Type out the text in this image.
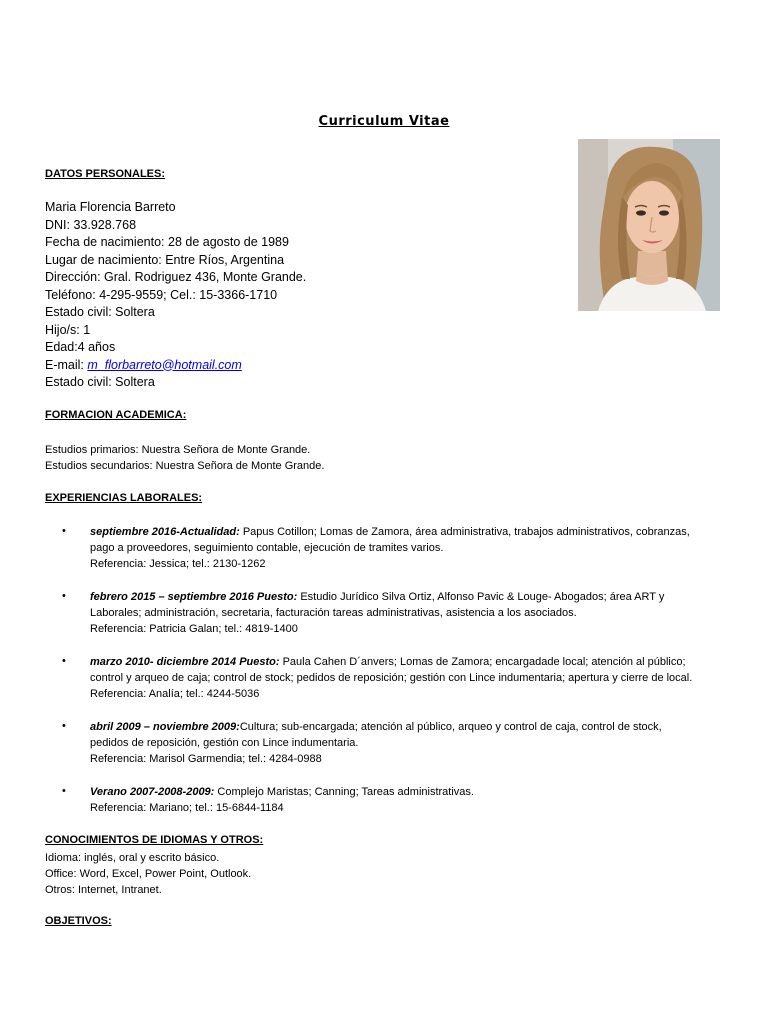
Curriculum Vitae
DATOS PERSONALES:
Maria Florencia Barreto
DNI: 33.928.768
Fecha de nacimiento: 28 de agosto de 1989
Lugar de nacimiento: Entre Ríos, Argentina
Dirección: Gral. Rodriguez 436, Monte Grande.
Teléfono: 4-295-9559; Cel.: 15-3366-1710
Estado civil: Soltera
Hijo/s: 1
Edad:4 años
E-mail: m_florbarreto@hotmail.com
Estado civil: Soltera
FORMACION ACADEMICA:
Estudios primarios: Nuestra Señora de Monte Grande.
Estudios secundarios: Nuestra Señora de Monte Grande.
EXPERIENCIAS LABORALES:
• septiembre 2016-Actualidad: Papus Cotillon; Lomas de Zamora, área administrativa, trabajos administrativos, cobranzas,
pago a proveedores, seguimiento contable, ejecución de tramites varios.
Referencia: Jessica; tel.: 2130-1262
• febrero 2015 – septiembre 2016 Puesto: Estudio Jurídico Silva Ortiz, Alfonso Pavic & Louge- Abogados; área ART y
Laborales; administración, secretaria, facturación tareas administrativas, asistencia a los asociados.
Referencia: Patricia Galan; tel.: 4819-1400
• marzo 2010- diciembre 2014 Puesto: Paula Cahen D´anvers; Lomas de Zamora; encargadade local; atención al público;
control y arqueo de caja; control de stock; pedidos de reposición; gestión con Lince indumentaria; apertura y cierre de local.
Referencia: Analía; tel.: 4244-5036
• abril 2009 – noviembre 2009:Cultura; sub-encargada; atención al público, arqueo y control de caja, control de stock,
pedidos de reposición, gestión con Lince indumentaria.
Referencia: Marisol Garmendia; tel.: 4284-0988
• Verano 2007-2008-2009: Complejo Maristas; Canning; Tareas administrativas.
Referencia: Mariano; tel.: 15-6844-1184
CONOCIMIENTOS DE IDIOMAS Y OTROS:
Idioma: inglés, oral y escrito básico.
Office: Word, Excel, Power Point, Outlook.
Otros: Internet, Intranet.
OBJETIVOS:
